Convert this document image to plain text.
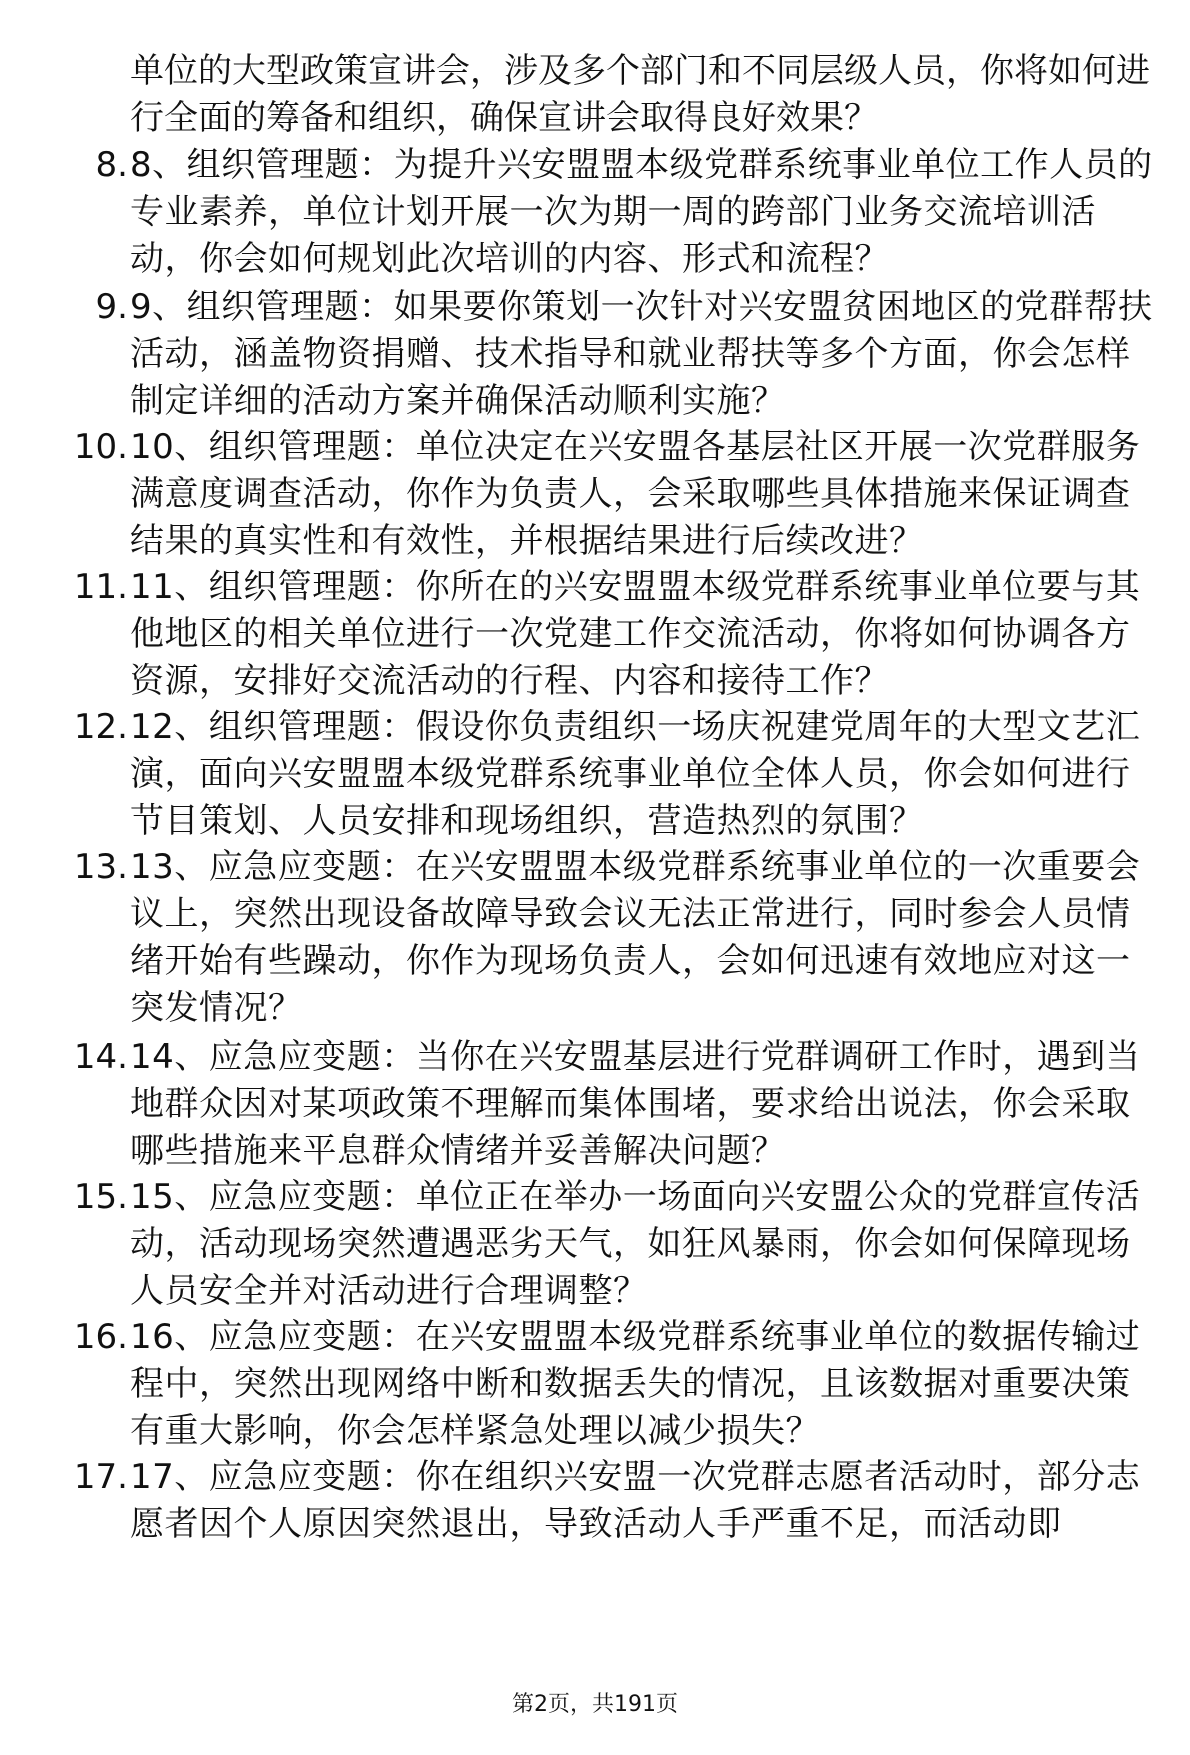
单位的大型政策宣讲会，涉及多个部门和不同层级人员，你将如何进行全面的筹备和组织，确保宣讲会取得良好效果？
8. 8、组织管理题：为提升兴安盟盟本级党群系统事业单位工作人员的专业素养，单位计划开展一次为期一周的跨部门业务交流培训活动，你会如何规划此次培训的内容、形式和流程？
9. 9、组织管理题：如果要你策划一次针对兴安盟贫困地区的党群帮扶活动，涵盖物资捐赠、技术指导和就业帮扶等多个方面，你会怎样制定详细的活动方案并确保活动顺利实施？
10. 10、组织管理题：单位决定在兴安盟各基层社区开展一次党群服务满意度调查活动，你作为负责人，会采取哪些具体措施来保证调查结果的真实性和有效性，并根据结果进行后续改进？
11. 11、组织管理题：你所在的兴安盟盟本级党群系统事业单位要与其他地区的相关单位进行一次党建工作交流活动，你将如何协调各方资源，安排好交流活动的行程、内容和接待工作？
12. 12、组织管理题：假设你负责组织一场庆祝建党周年的大型文艺汇演，面向兴安盟盟本级党群系统事业单位全体人员，你会如何进行节目策划、人员安排和现场组织，营造热烈的氛围？
13. 13、应急应变题：在兴安盟盟本级党群系统事业单位的一次重要会议上，突然出现设备故障导致会议无法正常进行，同时参会人员情绪开始有些躁动，你作为现场负责人，会如何迅速有效地应对这一突发情况？
14. 14、应急应变题：当你在兴安盟基层进行党群调研工作时，遇到当地群众因对某项政策不理解而集体围堵，要求给出说法，你会采取哪些措施来平息群众情绪并妥善解决问题？
15. 15、应急应变题：单位正在举办一场面向兴安盟公众的党群宣传活动，活动现场突然遭遇恶劣天气，如狂风暴雨，你会如何保障现场人员安全并对活动进行合理调整？
16. 16、应急应变题：在兴安盟盟本级党群系统事业单位的数据传输过程中，突然出现网络中断和数据丢失的情况，且该数据对重要决策有重大影响，你会怎样紧急处理以减少损失？
17. 17、应急应变题：你在组织兴安盟一次党群志愿者活动时，部分志愿者因个人原因突然退出，导致活动人手严重不足，而活动即
第2页，共191页
